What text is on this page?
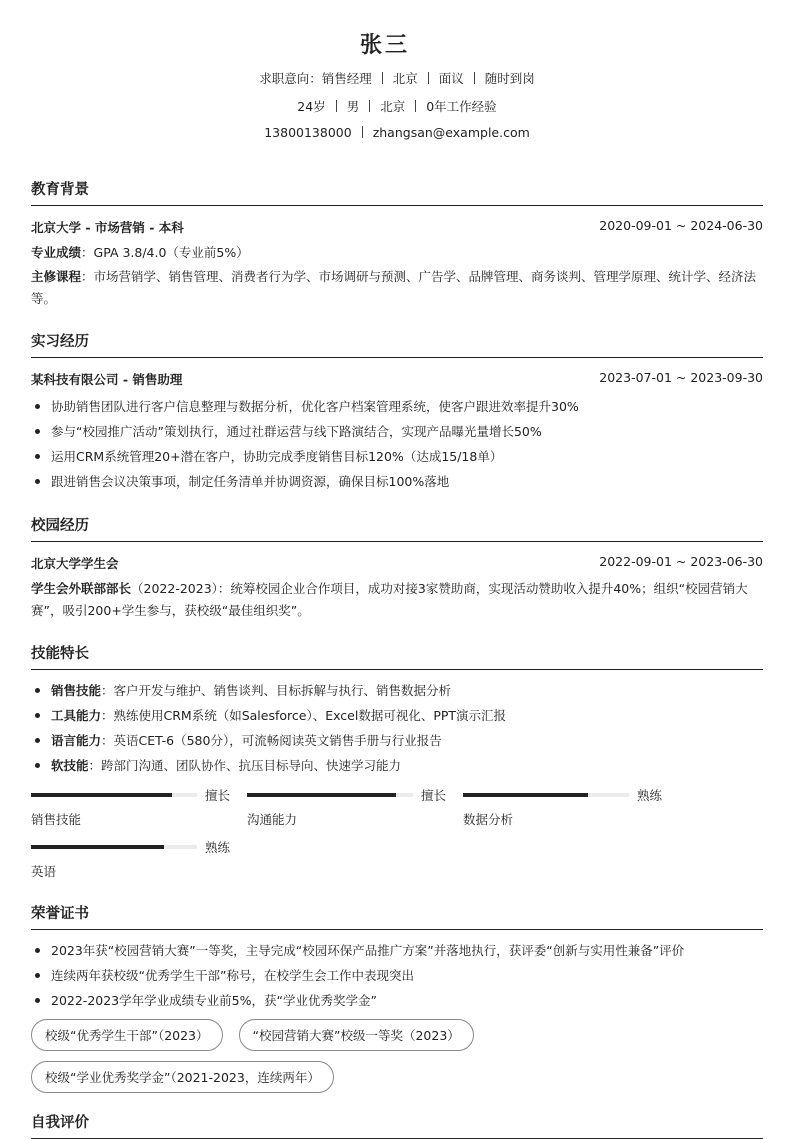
张三
求职意向：销售经理 北京 面议 随时到岗
24岁 男 北京 0年工作经验
13800138000 zhangsan@example.com
教育背景
北京大学 - 市场营销 - 本科	2020-09-01 ~ 2024-06-30
专业成绩：GPA 3.8/4.0（专业前5%）
主修课程：市场营销学、销售管理、消费者行为学、市场调研与预测、广告学、品牌管理、商务谈判、管理学原理、统计学、经济法等。
实习经历
某科技有限公司 - 销售助理	2023-07-01 ~ 2023-09-30
协助销售团队进行客户信息整理与数据分析，优化客户档案管理系统，使客户跟进效率提升30%
参与“校园推广活动”策划执行，通过社群运营与线下路演结合，实现产品曝光量增长50%
运用CRM系统管理20+潜在客户，协助完成季度销售目标120%（达成15/18单）
跟进销售会议决策事项，制定任务清单并协调资源，确保目标100%落地
校园经历
北京大学学生会	2022-09-01 ~ 2023-06-30
学生会外联部部长（2022-2023）：统筹校园企业合作项目，成功对接3家赞助商，实现活动赞助收入提升40%；组织“校园营销大赛”，吸引200+学生参与，获校级“最佳组织奖”。
技能特长
销售技能：客户开发与维护、销售谈判、目标拆解与执行、销售数据分析
工具能力：熟练使用CRM系统（如Salesforce）、Excel数据可视化、PPT演示汇报
语言能力：英语CET-6（580分），可流畅阅读英文销售手册与行业报告
软技能：跨部门沟通、团队协作、抗压目标导向、快速学习能力
擅长
销售技能
擅长
沟通能力
熟练
数据分析
熟练
英语
荣誉证书
2023年获“校园营销大赛”一等奖，主导完成“校园环保产品推广方案”并落地执行，获评委“创新与实用性兼备”评价
连续两年获校级“优秀学生干部”称号，在校学生会工作中表现突出
2022-2023学年学业成绩专业前5%，获“学业优秀奖学金”
校级“优秀学生干部”（2023）	“校园营销大赛”校级一等奖（2023）
校级“学业优秀奖学金”（2021-2023，连续两年）
自我评价
